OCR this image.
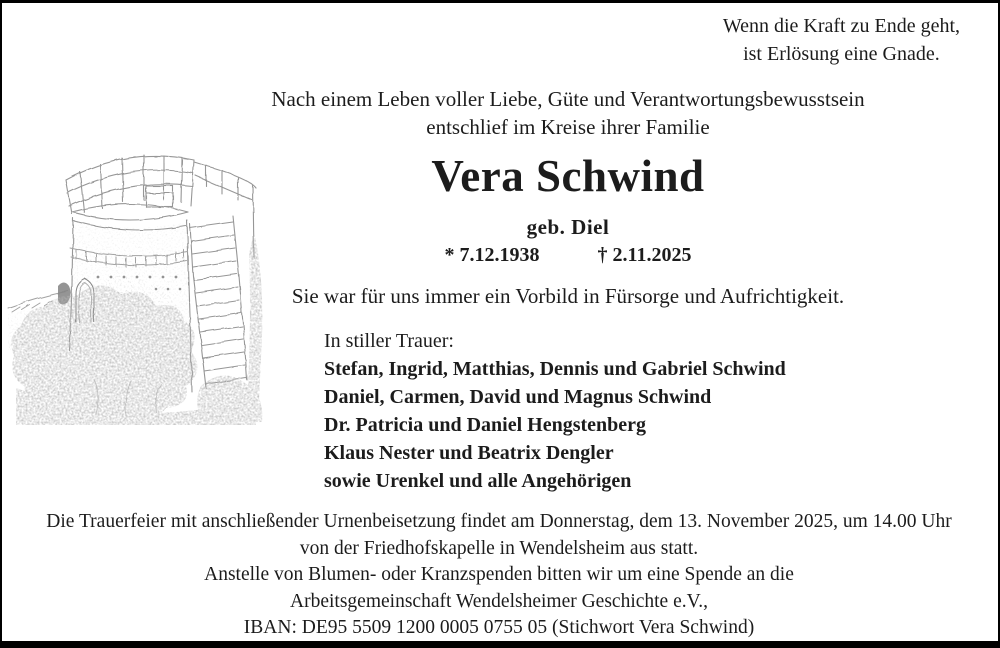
Wenn die Kraft zu Ende geht,
ist Erlösung eine Gnade.
Nach einem Leben voller Liebe, Güte und Verantwortungsbewusstsein
entschlief im Kreise ihrer Familie
Vera Schwind
geb. Diel
* 7.12.1938	† 2.11.2025
Sie war für uns immer ein Vorbild in Fürsorge und Aufrichtigkeit.
In stiller Trauer:
Stefan, Ingrid, Matthias, Dennis und Gabriel Schwind
Daniel, Carmen, David und Magnus Schwind
Dr. Patricia und Daniel Hengstenberg
Klaus Nester und Beatrix Dengler
sowie Urenkel und alle Angehörigen
Die Trauerfeier mit anschließender Urnenbeisetzung findet am Donnerstag, dem 13. November 2025, um 14.00 Uhr
von der Friedhofskapelle in Wendelsheim aus statt.
Anstelle von Blumen- oder Kranzspenden bitten wir um eine Spende an die
Arbeitsgemeinschaft Wendelsheimer Geschichte e.V.,
IBAN: DE95 5509 1200 0005 0755 05 (Stichwort Vera Schwind)
